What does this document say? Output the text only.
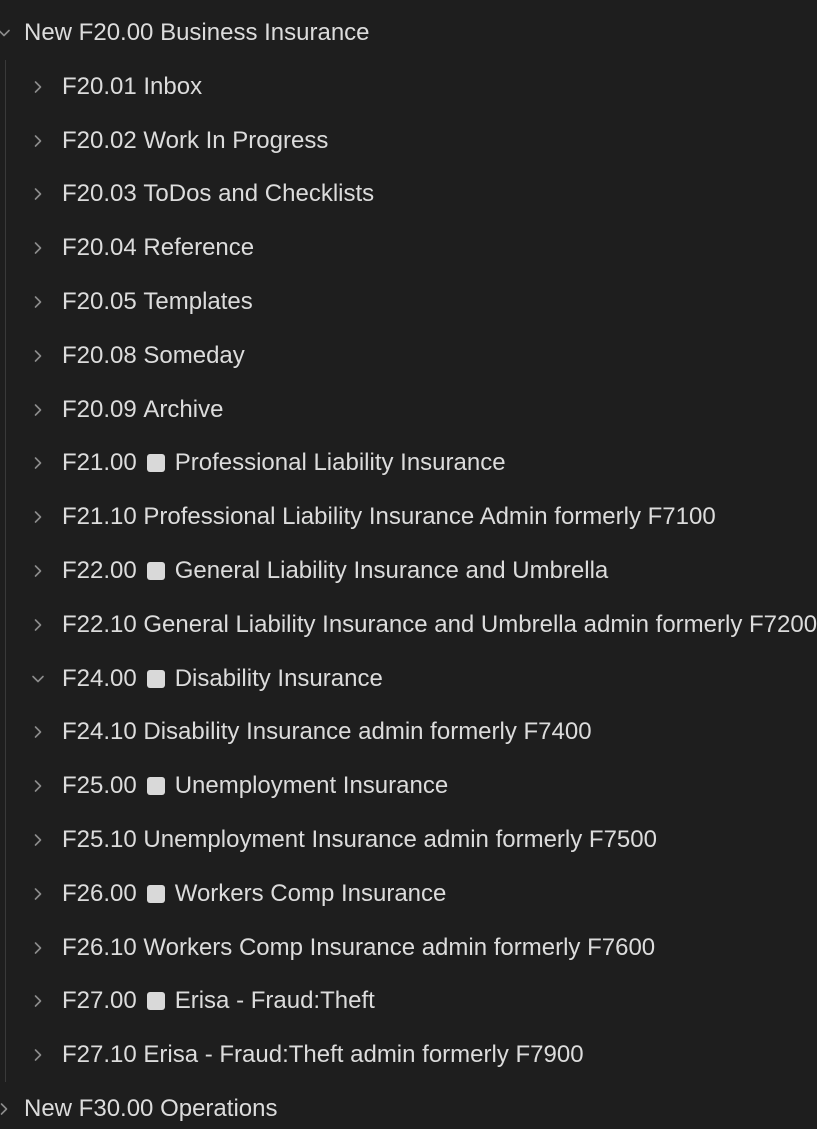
New F20.00 Business Insurance
F20.01
Inbox
F20.02
Work In Progress
F20.03
ToDos and Checklists
F20.04
Reference
F20.05
Templates
F20.08
Someday
F20.09
Archive
F21.00 Professional Liability Insurance
F21.10
Professional Liability Insurance Admin formerly F7100
F22.00 General Liability Insurance and Umbrella
F22.10
General Liability Insurance and Umbrella admin formerly F7200
F24.00 Disability Insurance
F24.10
Disability Insurance admin formerly F7400
F25.00 Unemployment Insurance
F25.10
Unemployment Insurance admin formerly F7500
F26.00 Workers Comp Insurance
F26.10
Workers Comp Insurance admin formerly F7600
F27.00 Erisa - Fraud:Theft
F27.10
Erisa - Fraud:Theft admin formerly F7900
New F30.00 Operations
